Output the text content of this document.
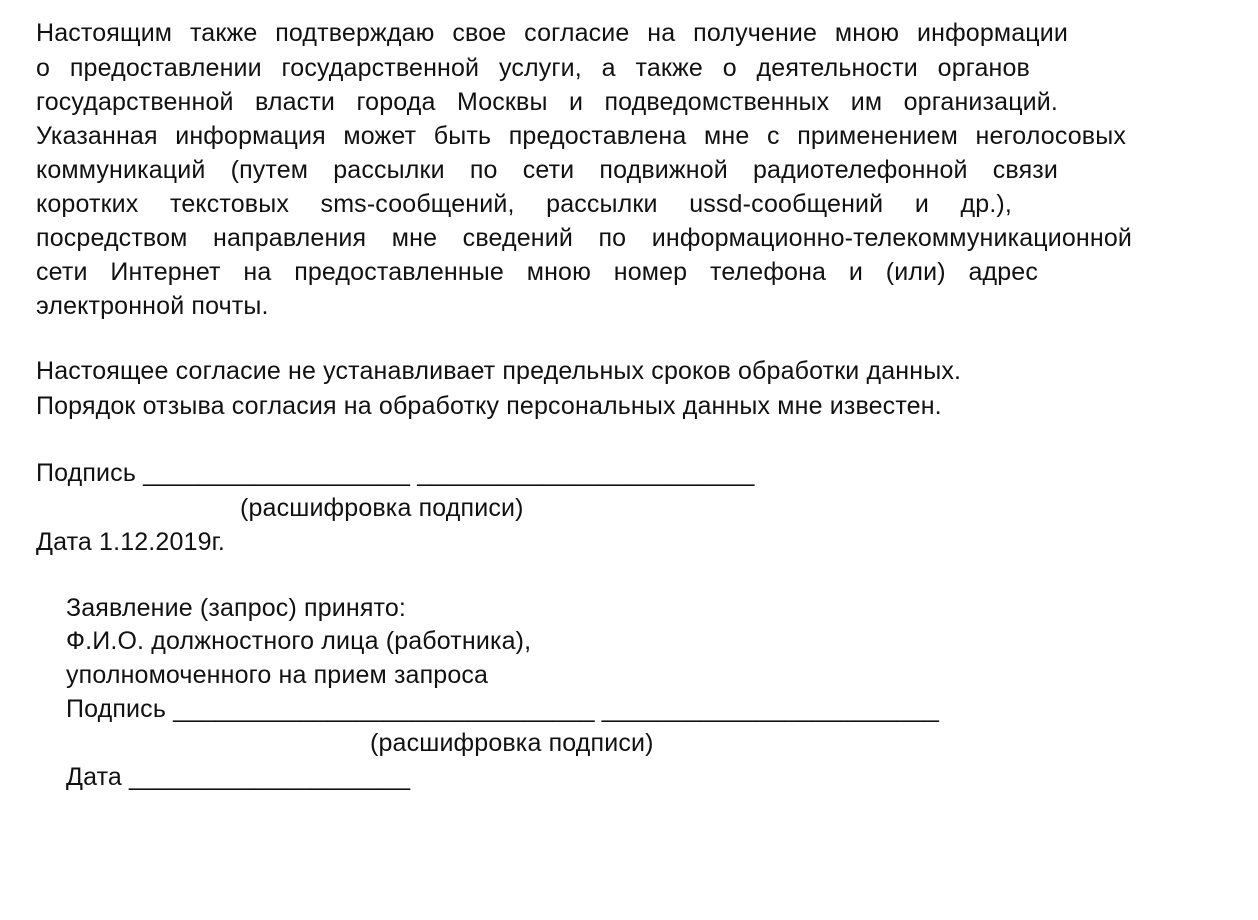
Настоящим также подтверждаю свое согласие на получение мною информации
о предоставлении государственной услуги, а также о деятельности органов
государственной власти города Москвы и подведомственных им организаций.
Указанная информация может быть предоставлена мне с применением неголосовых
коммуникаций (путем рассылки по сети подвижной радиотелефонной связи
коротких текстовых sms-сообщений, рассылки ussd-сообщений и др.),
посредством направления мне сведений по информационно-телекоммуникационной
сети Интернет на предоставленные мною номер телефона и (или) адрес
электронной почты.
Настоящее согласие не устанавливает предельных сроков обработки данных.
Порядок отзыва согласия на обработку персональных данных мне известен.
Подпись ___________________ ________________________
(расшифровка подписи)
Дата 1.12.2019г.
Заявление (запрос) принято:
Ф.И.О. должностного лица (работника),
уполномоченного на прием запроса
Подпись ______________________________ ________________________
(расшифровка подписи)
Дата ____________________
